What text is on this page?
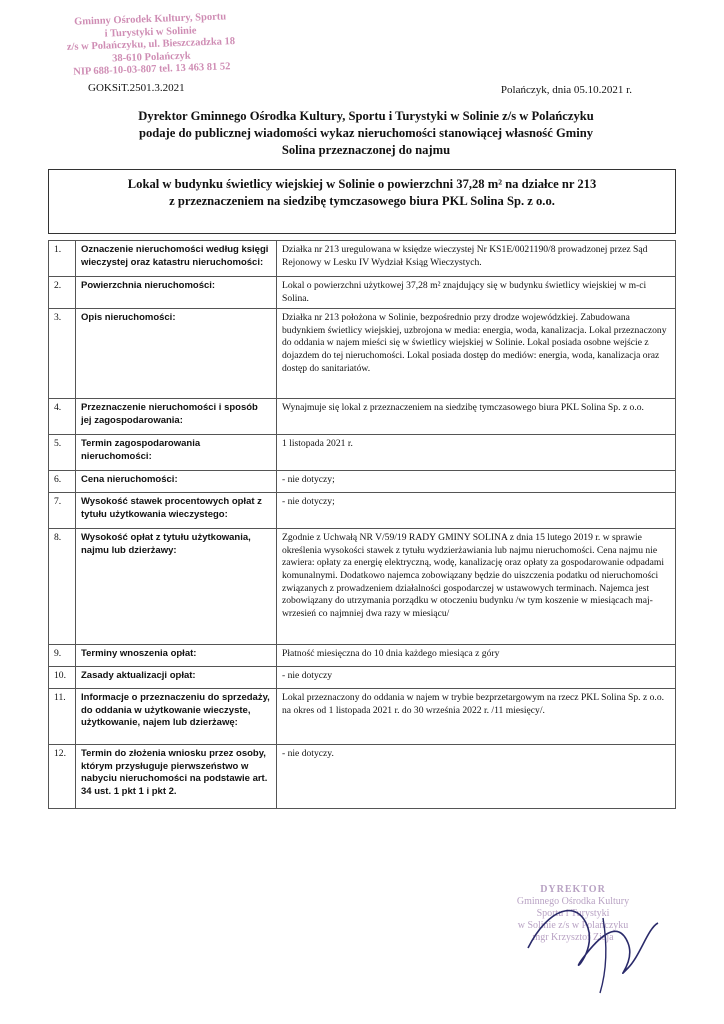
Gminny Ośrodek Kultury, Sportu
i Turystyki w Solinie
z/s w Polańczyku, ul. Bieszczadzka 18
38-610 Polańczyk
NIP 688-10-03-807 tel. 13 463 81 52
GOKSiT.2501.3.2021	Polańczyk, dnia 05.10.2021 r.
Dyrektor Gminnego Ośrodka Kultury, Sportu i Turystyki w Solinie z/s w Polańczyku
podaje do publicznej wiadomości wykaz nieruchomości stanowiącej własność Gminy
Solina przeznaczonej do najmu
Lokal w budynku świetlicy wiejskiej w Solinie o powierzchni 37,28 m² na działce nr 213
z przeznaczeniem na siedzibę tymczasowego biura PKL Solina Sp. z o.o.
1.	Oznaczenie nieruchomości według księgi wieczystej oraz katastru nieruchomości:	Działka nr 213 uregulowana w księdze wieczystej Nr KS1E/0021190/8 prowadzonej przez Sąd Rejonowy w Lesku IV Wydział Ksiąg Wieczystych.
2.	Powierzchnia nieruchomości:	Lokal o powierzchni użytkowej 37,28 m² znajdujący się w budynku świetlicy wiejskiej w m-ci Solina.
3.	Opis nieruchomości:	Działka nr 213 położona w Solinie, bezpośrednio przy drodze wojewódzkiej. Zabudowana budynkiem świetlicy wiejskiej, uzbrojona w media: energia, woda, kanalizacja. Lokal przeznaczony do oddania w najem mieści się w świetlicy wiejskiej w Solinie. Lokal posiada osobne wejście z dojazdem do tej nieruchomości. Lokal posiada dostęp do mediów: energia, woda, kanalizacja oraz dostęp do sanitariatów.
4.	Przeznaczenie nieruchomości i sposób jej zagospodarowania:	Wynajmuje się lokal z przeznaczeniem na siedzibę tymczasowego biura PKL Solina Sp. z o.o.
5.	Termin zagospodarowania nieruchomości:	1 listopada 2021 r.
6.	Cena nieruchomości:	- nie dotyczy;
7.	Wysokość stawek procentowych opłat z tytułu użytkowania wieczystego:	- nie dotyczy;
8.	Wysokość opłat z tytułu użytkowania, najmu lub dzierżawy:	Zgodnie z Uchwałą NR V/59/19 RADY GMINY SOLINA z dnia 15 lutego 2019 r. w sprawie określenia wysokości stawek z tytułu wydzierżawiania lub najmu nieruchomości. Cena najmu nie zawiera: opłaty za energię elektryczną, wodę, kanalizację oraz opłaty za gospodarowanie odpadami komunalnymi. Dodatkowo najemca zobowiązany będzie do uiszczenia podatku od nieruchomości związanych z prowadzeniem działalności gospodarczej w ustawowych terminach. Najemca jest zobowiązany do utrzymania porządku w otoczeniu budynku /w tym koszenie w miesiącach maj-wrzesień co najmniej dwa razy w miesiącu/
9.	Terminy wnoszenia opłat:	Płatność miesięczna do 10 dnia każdego miesiąca z góry
10.	Zasady aktualizacji opłat:	- nie dotyczy
11.	Informacje o przeznaczeniu do sprzedaży, do oddania w użytkowanie wieczyste, użytkowanie, najem lub dzierżawę:	Lokal przeznaczony do oddania w najem w trybie bezprzetargowym na rzecz PKL Solina Sp. z o.o. na okres od 1 listopada 2021 r. do 30 września 2022 r. /11 miesięcy/.
12.	Termin do złożenia wniosku przez osoby, którym przysługuje pierwszeństwo w nabyciu nieruchomości na podstawie art. 34 ust. 1 pkt 1 i pkt 2.	- nie dotyczy.
DYREKTOR
Gminnego Ośrodka Kultury
Sportu i Turystyki
w Solinie z/s w Polańczyku
mgr Krzysztof Ziaja
